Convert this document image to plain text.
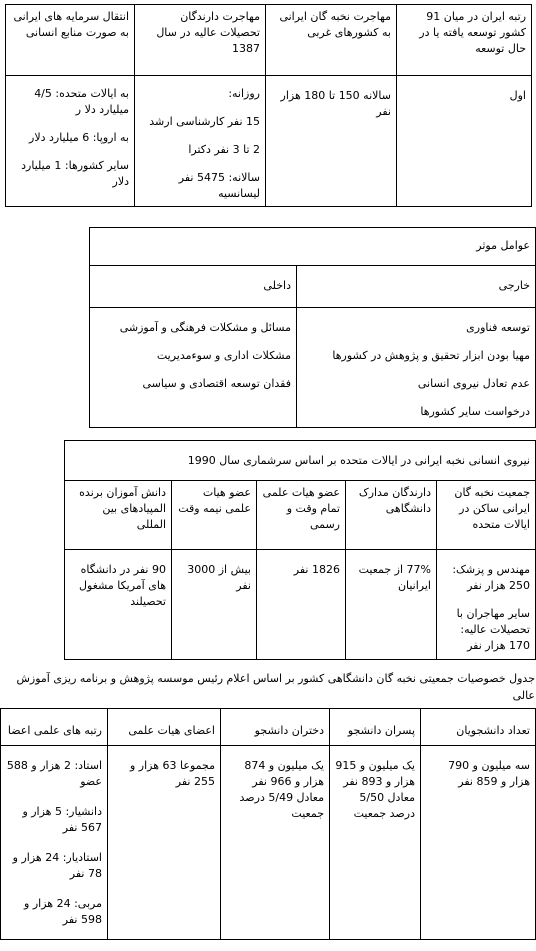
رتبه ایران در میان 91 کشور توسعه یافته یا در حال توسعه	مهاجرت نخبه گان ایرانی به کشورهای غربی	مهاجرت دارندگان تحصیلات عالیه در سال 1387	انتقال سرمایه های ایرانی به صورت منابع انسانی
اول	سالانه 150 تا 180 هزار نفر	روزانه:
15 نفر کارشناسی ارشد
2 تا 3 نفر دکترا
سالانه: 5475 نفر لیسانسیه	به ایالات متحده: 4/5 میلیارد دلا ر
به اروپا: 6 میلیارد دلار
سایر کشورها: 1 میلیارد دلار
عوامل موثر	
خارجی	داخلی

توسعه فناوری
مهیا بودن ابزار تحقیق و پژوهش در کشورها
عدم تعادل نیروی انسانی
درخواست سایر کشورها	مسائل و مشکلات فرهنگی و آموزشی
مشکلات اداری و سوءمدیریت
فقدان توسعه اقتصادی و سیاسی
نیروی انسانی نخبه ایرانی در ایالات متحده بر اساس سرشماری سال 1990				
جمعیت نخبه گان ایرانی ساکن در ایالات متحده	دارندگان مدارک دانشگاهی	عضو هیات علمی تمام وقت و رسمی	عضو هیات علمی نیمه وقت	دانش آموزان برنده المپیادهای بین المللی

مهندس و پزشک: 250 هزار نفر
سایر مهاجران با تحصیلات عالیه: 170 هزار نفر	77% از جمعیت ایرانیان	1826 نفر	بیش از 3000 نفر	90 نفر در دانشگاه های آمریکا مشغول تحصیلند
جدول خصوصیات جمعیتی نخبه گان دانشگاهی کشور بر اساس اعلام رئیس موسسه پژوهش و برنامه ریزی آموزش عالی
تعداد دانشجویان	پسران دانشجو	دختران دانشجو	اعضای هیات علمی	رتبه های علمی اعضا
سه میلیون و 790 هزار و 859 نفر	یک میلیون و 915 هزار و 893 نفر معادل 5/50 درصد جمعیت	یک میلیون و 874 هزار و 966 نفر معادل 5/49 درصد جمعیت	مجموعا 63 هزار و 255 نفر	استاد: 2 هزار و 588 عضو
دانشیار: 5 هزار و 567 نفر
استادیار: 24 هزار و 78 نفر
مربی: 24 هزار و 598 نفر
